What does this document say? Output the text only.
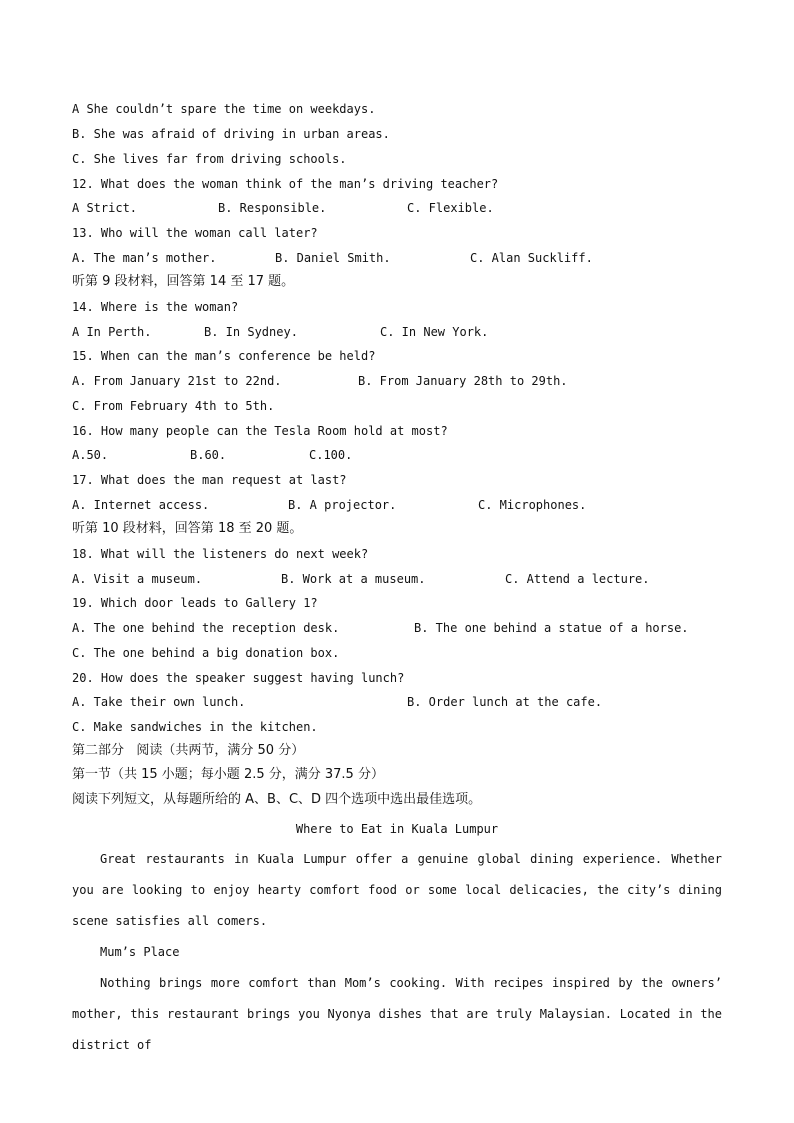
A She couldn’t spare the time on weekdays.
B. She was afraid of driving in urban areas.
C. She lives far from driving schools.
12. What does the woman think of the man’s driving teacher?
A Strict.	B. Responsible.	C. Flexible.
13. Who will the woman call later?
A. The man’s mother.	B. Daniel Smith.	C. Alan Suckliff.
听第 9 段材料，回答第 14 至 17 题。
14. Where is the woman?
A In Perth.	B. In Sydney.	C. In New York.
15. When can the man’s conference be held?
A. From January 21st to 22nd.	B. From January 28th to 29th.
C. From February 4th to 5th.
16. How many people can the Tesla Room hold at most?
A.50.	B.60.	C.100.
17. What does the man request at last?
A. Internet access.	B. A projector.	C. Microphones.
听第 10 段材料，回答第 18 至 20 题。
18. What will the listeners do next week?
A. Visit a museum.	B. Work at a museum.	C. Attend a lecture.
19. Which door leads to Gallery 1?
A. The one behind the reception desk.	B. The one behind a statue of a horse.
C. The one behind a big donation box.
20. How does the speaker suggest having lunch?
A. Take their own lunch.	B. Order lunch at the cafe.
C. Make sandwiches in the kitchen.
第二部分   阅读（共两节，满分 50 分）
第一节（共 15 小题；每小题 2.5 分，满分 37.5 分）
阅读下列短文，从每题所给的 A、B、C、D 四个选项中选出最佳选项。
Where to Eat in Kuala Lumpur
Great restaurants in Kuala Lumpur offer a genuine global dining experience. Whether you are looking to enjoy hearty comfort food or some local delicacies, the city’s dining scene satisfies all comers.
Mum’s Place
Nothing brings more comfort than Mom’s cooking. With recipes inspired by the owners’ mother, this restaurant brings you Nyonya dishes that are truly Malaysian. Located in the district of
